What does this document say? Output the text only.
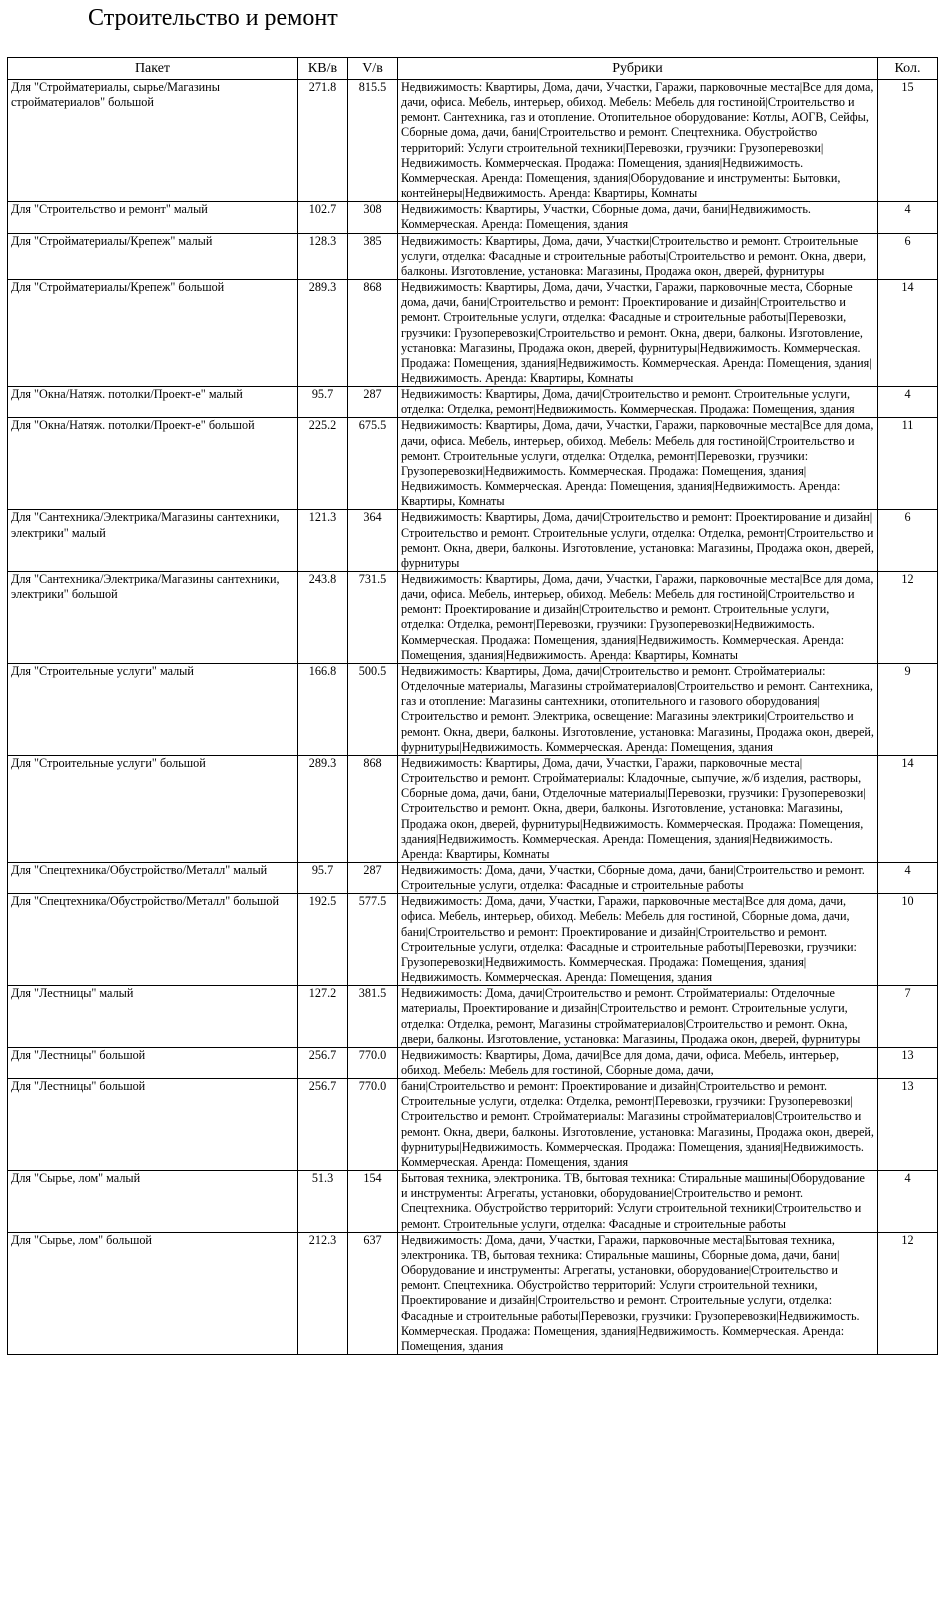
Строительство и ремонт
Пакет	КВ/в	V/в	Рубрики	Кол.
Для "Стройматериалы, сырье/Магазины стройматериалов" большой	271.8	815.5	Недвижимость: Квартиры, Дома, дачи, Участки, Гаражи, парковочные места|Все для дома, дачи, офиса. Мебель, интерьер, обиход. Мебель: Мебель для гостиной|Строительство и ремонт. Сантехника, газ и отопление. Отопительное оборудование: Котлы, АОГВ, Сейфы, Сборные дома, дачи, бани|Строительство и ремонт. Спецтехника. Обустройство территорий: Услуги строительной техники|Перевозки, грузчики: Грузоперевозки|Недвижимость. Коммерческая. Продажа: Помещения, здания|Недвижимость. Коммерческая. Аренда: Помещения, здания|Оборудование и инструменты: Бытовки, контейнеры|Недвижимость. Аренда: Квартиры, Комнаты	15
Для "Строительство и ремонт" малый	102.7	308	Недвижимость: Квартиры, Участки, Сборные дома, дачи, бани|Недвижимость. Коммерческая. Аренда: Помещения, здания	4
Для "Стройматериалы/Крепеж" малый	128.3	385	Недвижимость: Квартиры, Дома, дачи, Участки|Строительство и ремонт. Строительные услуги, отделка: Фасадные и строительные работы|Строительство и ремонт. Окна, двери, балконы. Изготовление, установка: Магазины, Продажа окон, дверей, фурнитуры	6
Для "Стройматериалы/Крепеж" большой	289.3	868	Недвижимость: Квартиры, Дома, дачи, Участки, Гаражи, парковочные места, Сборные дома, дачи, бани|Строительство и ремонт: Проектирование и дизайн|Строительство и ремонт. Строительные услуги, отделка: Фасадные и строительные работы|Перевозки, грузчики: Грузоперевозки|Строительство и ремонт. Окна, двери, балконы. Изготовление, установка: Магазины, Продажа окон, дверей, фурнитуры|Недвижимость. Коммерческая. Продажа: Помещения, здания|Недвижимость. Коммерческая. Аренда: Помещения, здания|Недвижимость. Аренда: Квартиры, Комнаты	14
Для "Окна/Натяж. потолки/Проект-е" малый	95.7	287	Недвижимость: Квартиры, Дома, дачи|Строительство и ремонт. Строительные услуги, отделка: Отделка, ремонт|Недвижимость. Коммерческая. Продажа: Помещения, здания	4
Для "Окна/Натяж. потолки/Проект-е" большой	225.2	675.5	Недвижимость: Квартиры, Дома, дачи, Участки, Гаражи, парковочные места|Все для дома, дачи, офиса. Мебель, интерьер, обиход. Мебель: Мебель для гостиной|Строительство и ремонт. Строительные услуги, отделка: Отделка, ремонт|Перевозки, грузчики: Грузоперевозки|Недвижимость. Коммерческая. Продажа: Помещения, здания|Недвижимость. Коммерческая. Аренда: Помещения, здания|Недвижимость. Аренда: Квартиры, Комнаты	11
Для "Сантехника/Электрика/Магазины сантехники, электрики" малый	121.3	364	Недвижимость: Квартиры, Дома, дачи|Строительство и ремонт: Проектирование и дизайн|Строительство и ремонт. Строительные услуги, отделка: Отделка, ремонт|Строительство и ремонт. Окна, двери, балконы. Изготовление, установка: Магазины, Продажа окон, дверей, фурнитуры	6
Для "Сантехника/Электрика/Магазины сантехники, электрики" большой	243.8	731.5	Недвижимость: Квартиры, Дома, дачи, Участки, Гаражи, парковочные места|Все для дома, дачи, офиса. Мебель, интерьер, обиход. Мебель: Мебель для гостиной|Строительство и ремонт: Проектирование и дизайн|Строительство и ремонт. Строительные услуги, отделка: Отделка, ремонт|Перевозки, грузчики: Грузоперевозки|Недвижимость. Коммерческая. Продажа: Помещения, здания|Недвижимость. Коммерческая. Аренда: Помещения, здания|Недвижимость. Аренда: Квартиры, Комнаты	12
Для "Строительные услуги" малый	166.8	500.5	Недвижимость: Квартиры, Дома, дачи|Строительство и ремонт. Стройматериалы: Отделочные материалы, Магазины стройматериалов|Строительство и ремонт. Сантехника, газ и отопление: Магазины сантехники, отопительного и газового оборудования|Строительство и ремонт. Электрика, освещение: Магазины электрики|Строительство и ремонт. Окна, двери, балконы. Изготовление, установка: Магазины, Продажа окон, дверей, фурнитуры|Недвижимость. Коммерческая. Аренда: Помещения, здания	9
Для "Строительные услуги" большой	289.3	868	Недвижимость: Квартиры, Дома, дачи, Участки, Гаражи, парковочные места|Строительство и ремонт. Стройматериалы: Кладочные, сыпучие, ж/б изделия, растворы, Сборные дома, дачи, бани, Отделочные материалы|Перевозки, грузчики: Грузоперевозки|Строительство и ремонт. Окна, двери, балконы. Изготовление, установка: Магазины, Продажа окон, дверей, фурнитуры|Недвижимость. Коммерческая. Продажа: Помещения, здания|Недвижимость. Коммерческая. Аренда: Помещения, здания|Недвижимость. Аренда: Квартиры, Комнаты	14
Для "Спецтехника/Обустройство/Металл" малый	95.7	287	Недвижимость: Дома, дачи, Участки, Сборные дома, дачи, бани|Строительство и ремонт. Строительные услуги, отделка: Фасадные и строительные работы	4
Для "Спецтехника/Обустройство/Металл" большой	192.5	577.5	Недвижимость: Дома, дачи, Участки, Гаражи, парковочные места|Все для дома, дачи, офиса. Мебель, интерьер, обиход. Мебель: Мебель для гостиной, Сборные дома, дачи, бани|Строительство и ремонт: Проектирование и дизайн|Строительство и ремонт. Строительные услуги, отделка: Фасадные и строительные работы|Перевозки, грузчики: Грузоперевозки|Недвижимость. Коммерческая. Продажа: Помещения, здания|Недвижимость. Коммерческая. Аренда: Помещения, здания	10
Для "Лестницы" малый	127.2	381.5	Недвижимость: Дома, дачи|Строительство и ремонт. Стройматериалы: Отделочные материалы, Проектирование и дизайн|Строительство и ремонт. Строительные услуги, отделка: Отделка, ремонт, Магазины стройматериалов|Строительство и ремонт. Окна, двери, балконы. Изготовление, установка: Магазины, Продажа окон, дверей, фурнитуры	7
Для "Лестницы" большой	256.7	770.0	Недвижимость: Квартиры, Дома, дачи|Все для дома, дачи, офиса. Мебель, интерьер, обиход. Мебель: Мебель для гостиной, Сборные дома, дачи,	13
Для "Лестницы" большой	256.7	770.0	бани|Строительство и ремонт: Проектирование и дизайн|Строительство и ремонт. Строительные услуги, отделка: Отделка, ремонт|Перевозки, грузчики: Грузоперевозки|Строительство и ремонт. Стройматериалы: Магазины стройматериалов|Строительство и ремонт. Окна, двери, балконы. Изготовление, установка: Магазины, Продажа окон, дверей, фурнитуры|Недвижимость. Коммерческая. Продажа: Помещения, здания|Недвижимость. Коммерческая. Аренда: Помещения, здания	13
Для "Сырье, лом" малый	51.3	154	Бытовая техника, электроника. ТВ, бытовая техника: Стиральные машины|Оборудование и инструменты: Агрегаты, установки, оборудование|Строительство и ремонт. Спецтехника. Обустройство территорий: Услуги строительной техники|Строительство и ремонт. Строительные услуги, отделка: Фасадные и строительные работы	4
Для "Сырье, лом" большой	212.3	637	Недвижимость: Дома, дачи, Участки, Гаражи, парковочные места|Бытовая техника, электроника. ТВ, бытовая техника: Стиральные машины, Сборные дома, дачи, бани|Оборудование и инструменты: Агрегаты, установки, оборудование|Строительство и ремонт. Спецтехника. Обустройство территорий: Услуги строительной техники, Проектирование и дизайн|Строительство и ремонт. Строительные услуги, отделка: Фасадные и строительные работы|Перевозки, грузчики: Грузоперевозки|Недвижимость. Коммерческая. Продажа: Помещения, здания|Недвижимость. Коммерческая. Аренда: Помещения, здания	12
